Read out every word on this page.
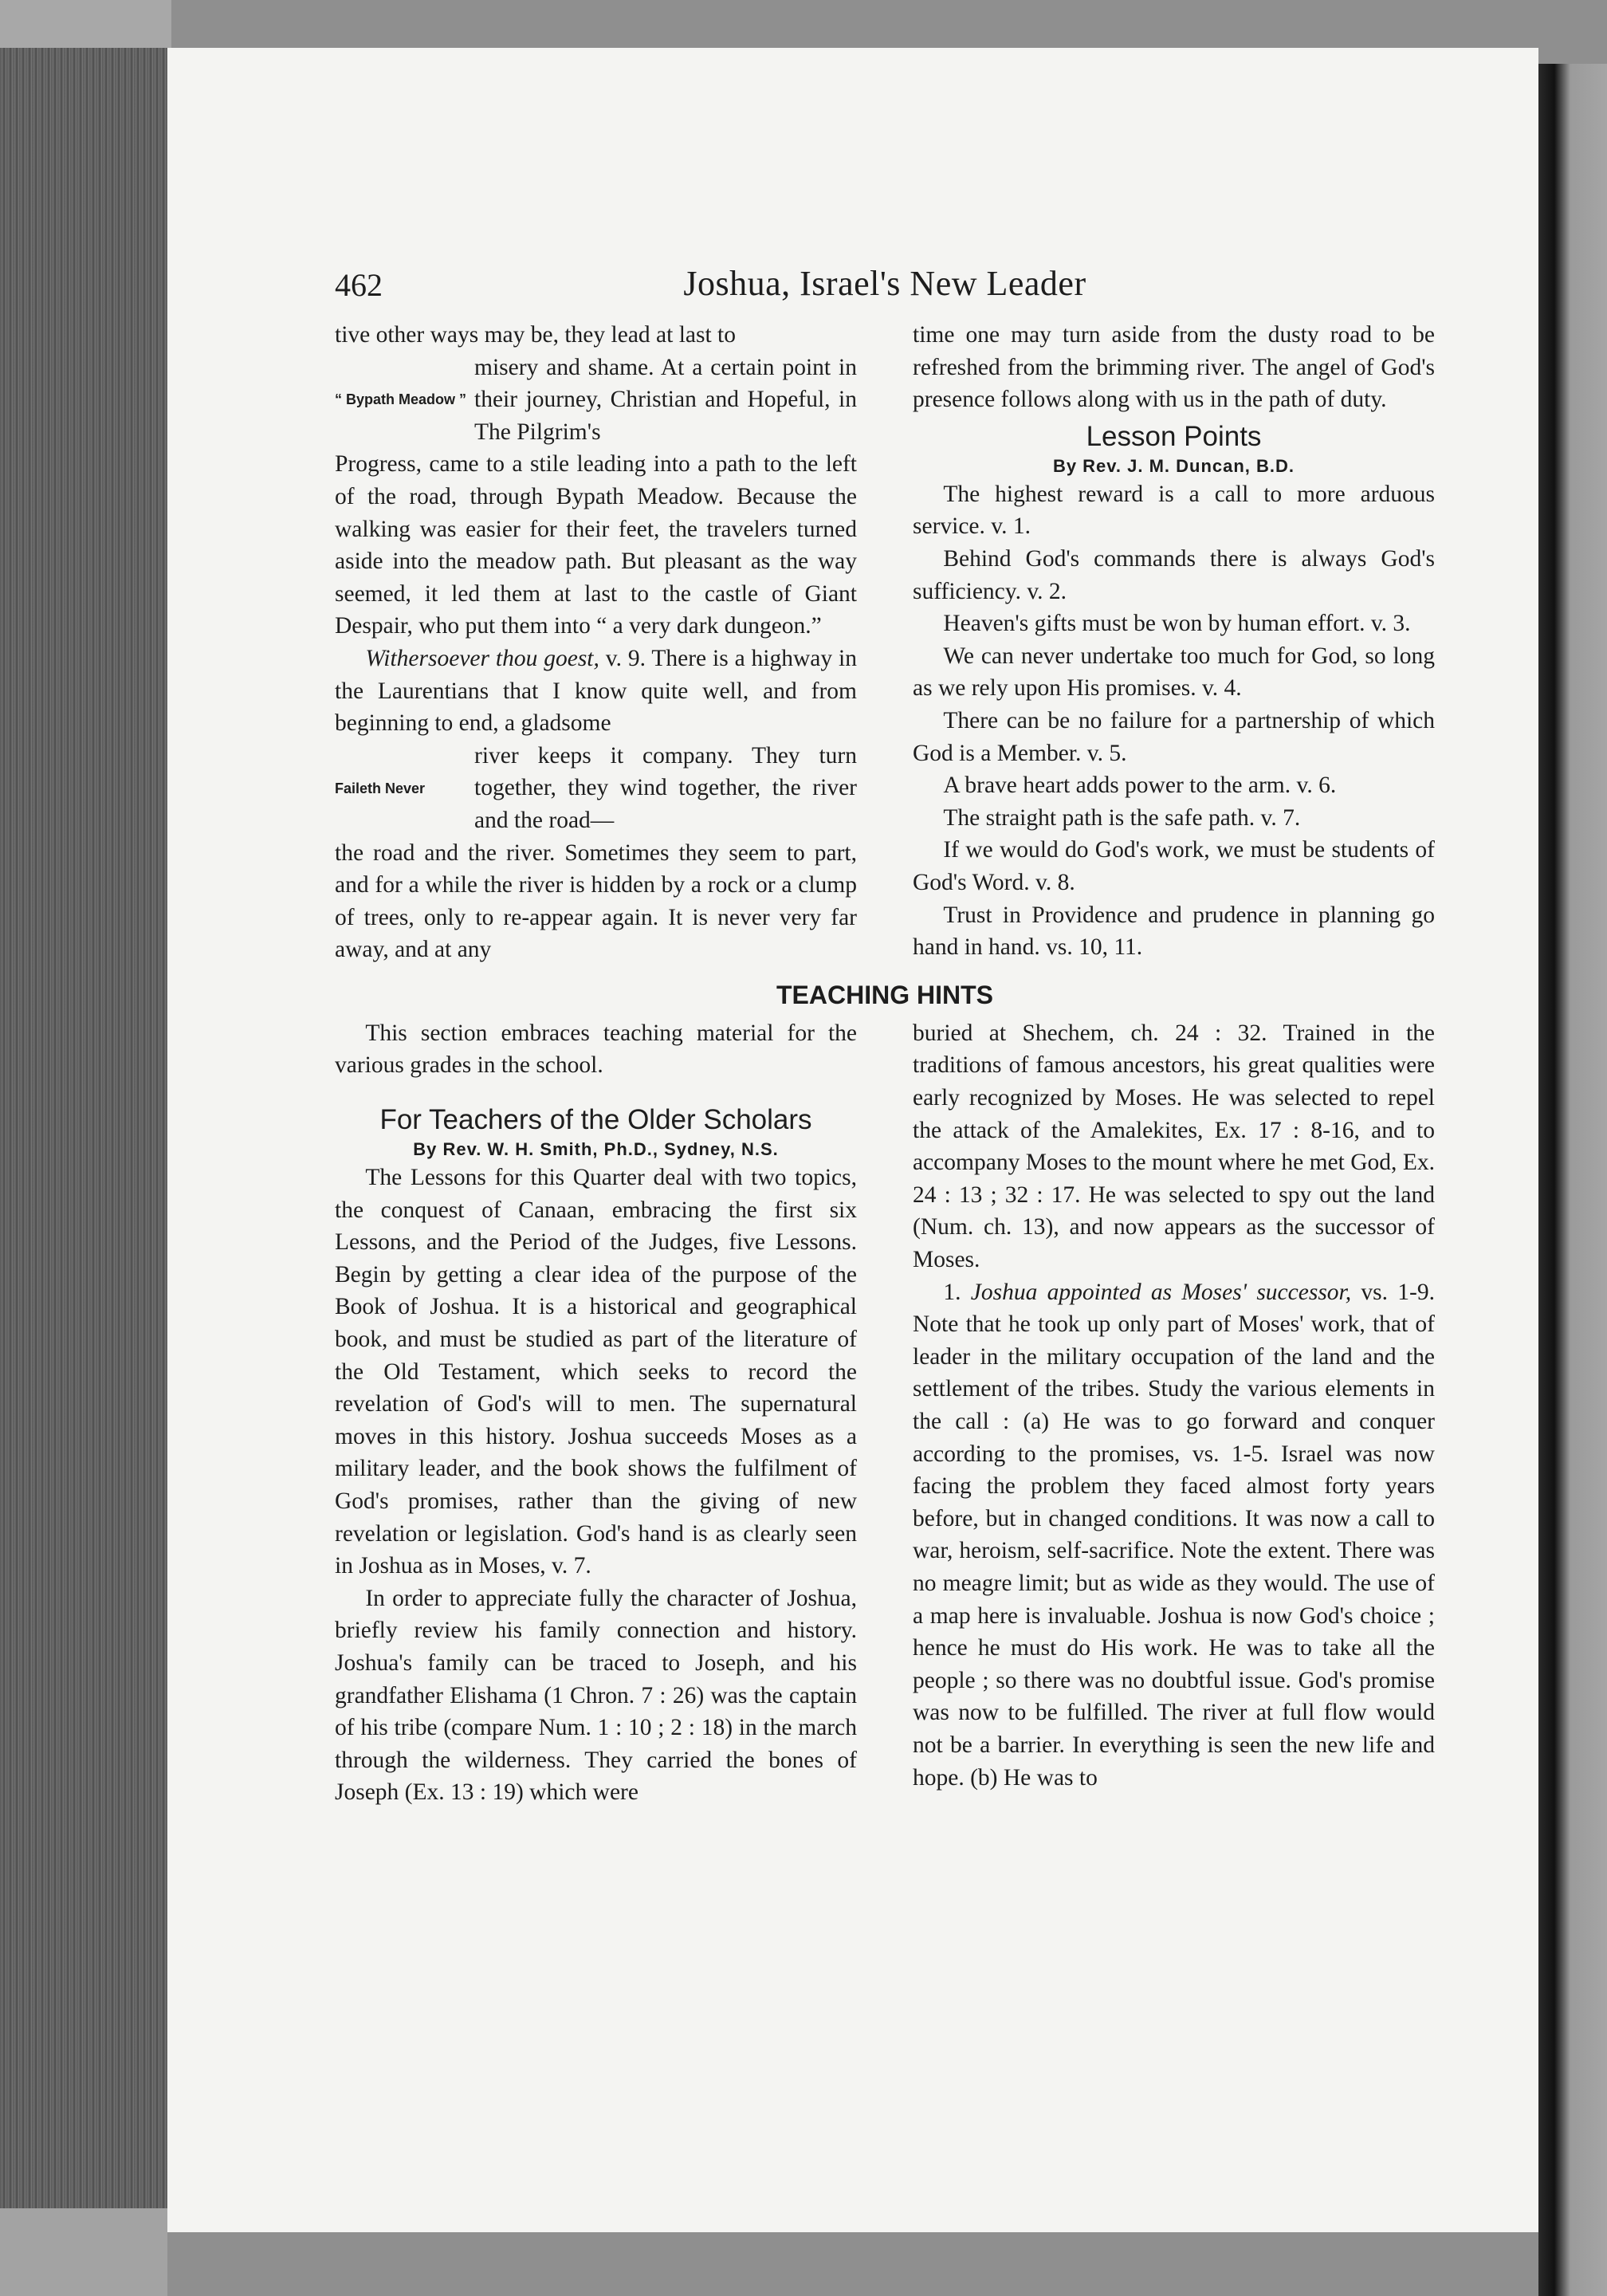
462	Joshua, Israel's New Leader

tive other ways may be, they lead at last to

“ Bypath Meadow ”
misery and shame. At a certain point in their journey, Christian and Hopeful, in The Pilgrim's

Progress, came to a stile leading into a path to the left of the road, through Bypath Meadow. Because the walking was easier for their feet, the travelers turned aside into the meadow path. But pleasant as the way seemed, it led them at last to the castle of Giant Despair, who put them into “ a very dark dungeon.”

Withersoever thou goest, v. 9. There is a highway in the Laurentians that I know quite well, and from beginning to end, a gladsome

Faileth Never
river keeps it company. They turn together, they wind together, the river and the road—

the road and the river. Sometimes they seem to part, and for a while the river is hidden by a rock or a clump of trees, only to re-appear again. It is never very far away, and at any

time one may turn aside from the dusty road to be refreshed from the brimming river. The angel of God's presence follows along with us in the path of duty.

Lesson Points
By Rev. J. M. Duncan, B.D.

The highest reward is a call to more arduous service. v. 1.

Behind God's commands there is always God's sufficiency. v. 2.

Heaven's gifts must be won by human effort. v. 3.

We can never undertake too much for God, so long as we rely upon His promises. v. 4.

There can be no failure for a partnership of which God is a Member. v. 5.

A brave heart adds power to the arm. v. 6.

The straight path is the safe path. v. 7.

If we would do God's work, we must be students of God's Word. v. 8.

Trust in Providence and prudence in planning go hand in hand. vs. 10, 11.

TEACHING HINTS

This section embraces teaching material for the various grades in the school.

For Teachers of the Older Scholars
By Rev. W. H. Smith, Ph.D., Sydney, N.S.

The Lessons for this Quarter deal with two topics, the conquest of Canaan, embracing the first six Lessons, and the Period of the Judges, five Lessons. Begin by getting a clear idea of the purpose of the Book of Joshua. It is a historical and geographical book, and must be studied as part of the literature of the Old Testament, which seeks to record the revelation of God's will to men. The supernatural moves in this history. Joshua succeeds Moses as a military leader, and the book shows the fulfilment of God's promises, rather than the giving of new revelation or legislation. God's hand is as clearly seen in Joshua as in Moses, v. 7.

In order to appreciate fully the character of Joshua, briefly review his family connection and history. Joshua's family can be traced to Joseph, and his grandfather Elishama (1 Chron. 7 : 26) was the captain of his tribe (compare Num. 1 : 10 ; 2 : 18) in the march through the wilderness. They carried the bones of Joseph (Ex. 13 : 19) which were

buried at Shechem, ch. 24 : 32. Trained in the traditions of famous ancestors, his great qualities were early recognized by Moses. He was selected to repel the attack of the Amalekites, Ex. 17 : 8-16, and to accompany Moses to the mount where he met God, Ex. 24 : 13 ; 32 : 17. He was selected to spy out the land (Num. ch. 13), and now appears as the successor of Moses.

1. Joshua appointed as Moses' successor, vs. 1-9. Note that he took up only part of Moses' work, that of leader in the military occupation of the land and the settlement of the tribes. Study the various elements in the call : (a) He was to go forward and conquer according to the promises, vs. 1-5. Israel was now facing the problem they faced almost forty years before, but in changed conditions. It was now a call to war, heroism, self-sacrifice. Note the extent. There was no meagre limit; but as wide as they would. The use of a map here is invaluable. Joshua is now God's choice ; hence he must do His work. He was to take all the people ; so there was no doubtful issue. God's promise was now to be fulfilled. The river at full flow would not be a barrier. In everything is seen the new life and hope. (b) He was to
